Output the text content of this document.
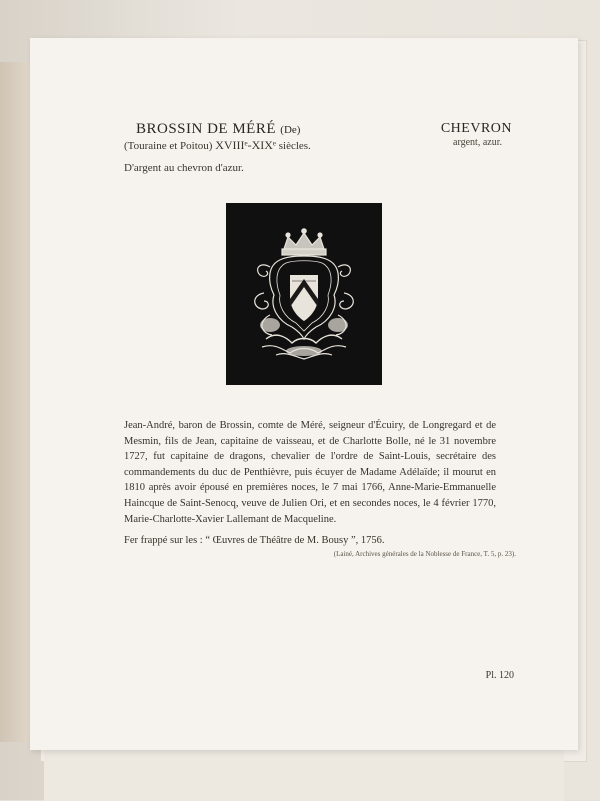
BROSSIN DE MÉRÉ (De)
(Touraine et Poitou) XVIIIᵉ-XIXᵉ siècles.
CHEVRON
argent, azur.
D'argent au chevron d'azur.

Jean-André, baron de Brossin, comte de Méré, seigneur d'Écuiry, de Longregard et de Mesmin, fils de Jean, capitaine de vaisseau, et de Charlotte Bolle, né le 31 novembre 1727, fut capitaine de dragons, chevalier de l'ordre de Saint-Louis, secrétaire des commandements du duc de Penthièvre, puis écuyer de Madame Adélaïde; il mourut en 1810 après avoir épousé en premières noces, le 7 mai 1766, Anne-Marie-Emmanuelle Haincque de Saint-Senocq, veuve de Julien Ori, et en secondes noces, le 4 février 1770, Marie-Charlotte-Xavier Lallemant de Macqueline.

Fer frappé sur les : “ Œuvres de Théâtre de M. Bousy ”, 1756.
(Lainé, Archives générales de la Noblesse de France, T. 5, p. 23).
Pl. 120
